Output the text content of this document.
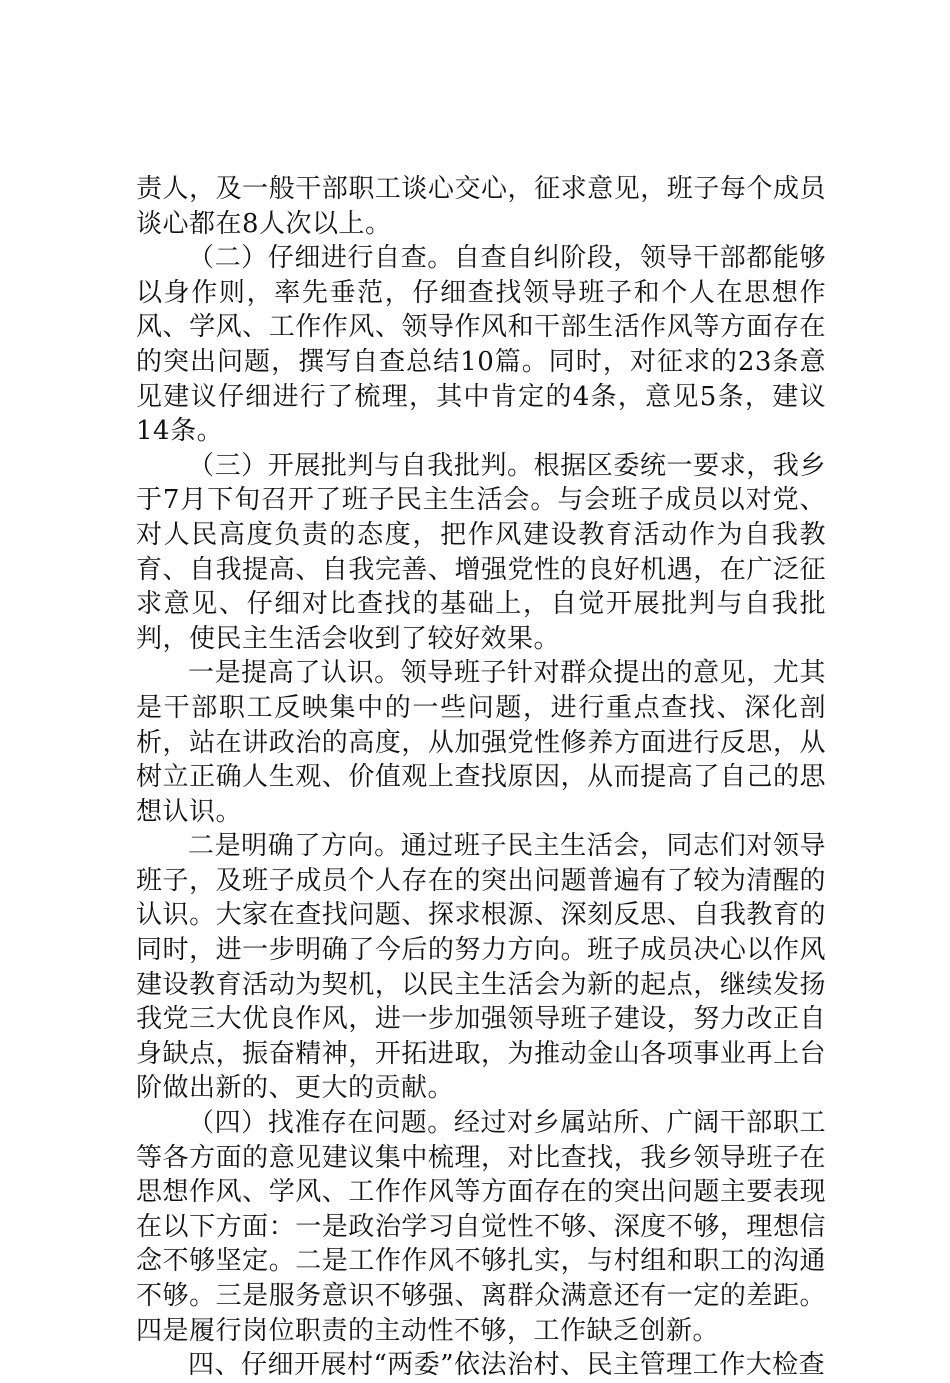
责人，及一般干部职工谈心交心，征求意见，班子每个成员谈心都在8人次以上。

（二）仔细进行自查。自查自纠阶段，领导干部都能够以身作则，率先垂范，仔细查找领导班子和个人在思想作风、学风、工作作风、领导作风和干部生活作风等方面存在的突出问题，撰写自查总结10篇。同时，对征求的23条意见建议仔细进行了梳理，其中肯定的4条，意见5条，建议14条。

（三）开展批判与自我批判。根据区委统一要求，我乡于7月下旬召开了班子民主生活会。与会班子成员以对党、对人民高度负责的态度，把作风建设教育活动作为自我教育、自我提高、自我完善、增强党性的良好机遇，在广泛征求意见、仔细对比查找的基础上，自觉开展批判与自我批判，使民主生活会收到了较好效果。

一是提高了认识。领导班子针对群众提出的意见，尤其是干部职工反映集中的一些问题，进行重点查找、深化剖析，站在讲政治的高度，从加强党性修养方面进行反思，从树立正确人生观、价值观上查找原因，从而提高了自己的思想认识。

二是明确了方向。通过班子民主生活会，同志们对领导班子，及班子成员个人存在的突出问题普遍有了较为清醒的认识。大家在查找问题、探求根源、深刻反思、自我教育的同时，进一步明确了今后的努力方向。班子成员决心以作风建设教育活动为契机，以民主生活会为新的起点，继续发扬我党三大优良作风，进一步加强领导班子建设，努力改正自身缺点，振奋精神，开拓进取，为推动金山各项事业再上台阶做出新的、更大的贡献。

（四）找准存在问题。经过对乡属站所、广阔干部职工等各方面的意见建议集中梳理，对比查找，我乡领导班子在思想作风、学风、工作作风等方面存在的突出问题主要表现在以下方面：一是政治学习自觉性不够、深度不够，理想信念不够坚定。二是工作作风不够扎实，与村组和职工的沟通不够。三是服务意识不够强、离群众满意还有一定的差距。四是履行岗位职责的主动性不够，工作缺乏创新。

四、仔细开展村“两委”依法治村、民主管理工作大检查
